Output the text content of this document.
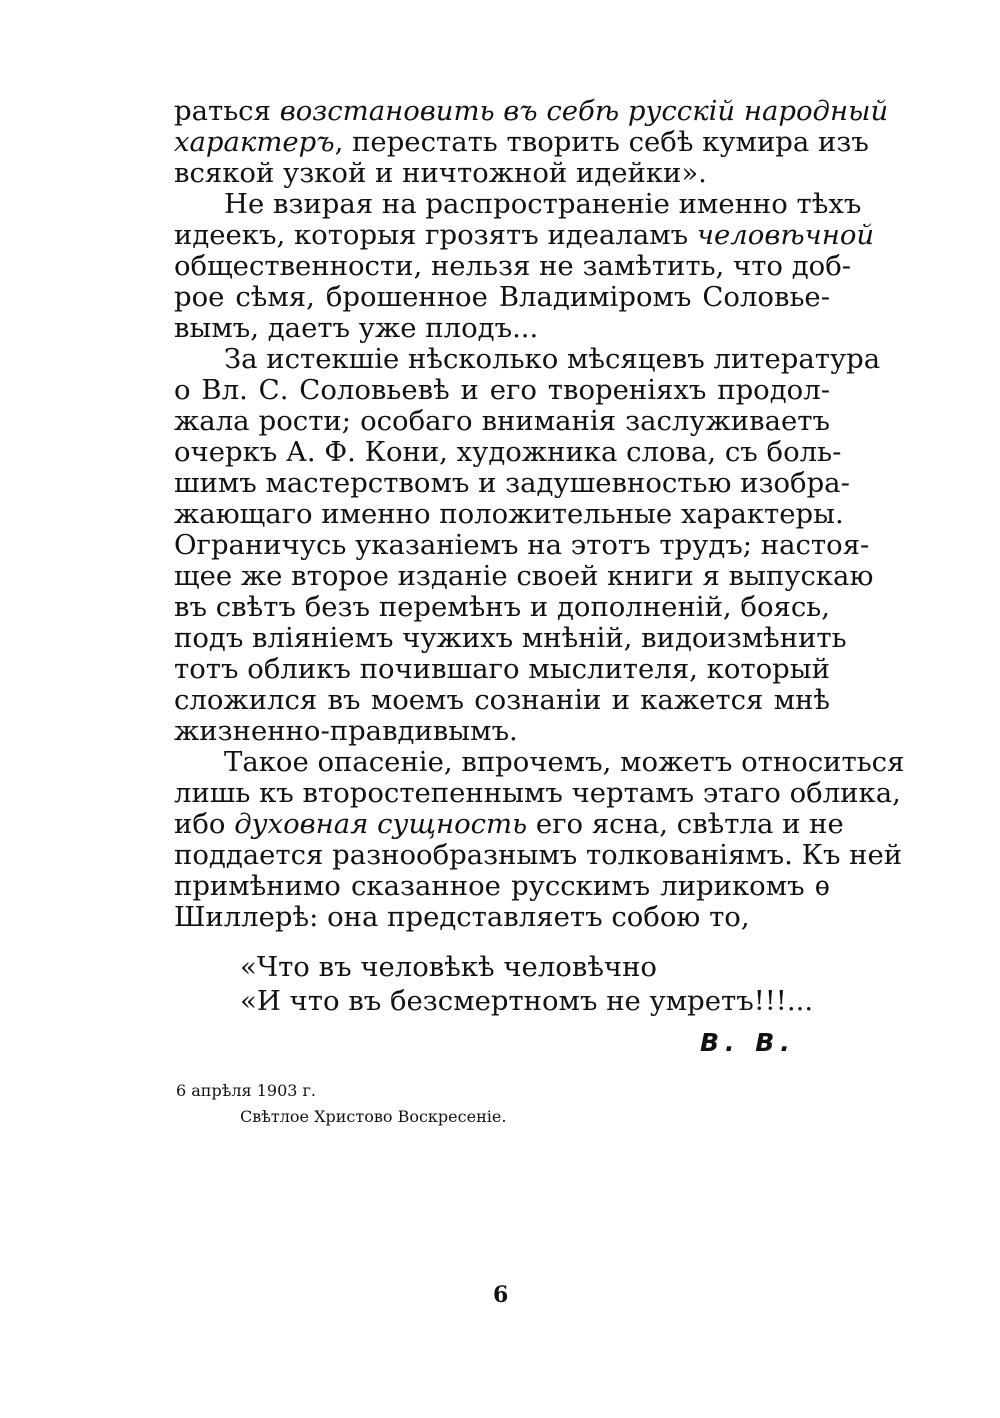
раться возстановить въ себѣ русскій народный
характеръ, перестать творить себѣ кумира изъ
всякой узкой и ничтожной идейки».
Не взирая на распространеніе именно тѣхъ
идеекъ, которыя грозятъ идеаламъ человѣчной
общественности, нельзя не замѣтить, что доб-
рое сѣмя, брошенное Владиміромъ Соловье-
вымъ, даетъ уже плодъ...
За истекшіе нѣсколько мѣсяцевъ литература
о Вл. С. Соловьевѣ и его твореніяхъ продол-
жала рости; особаго вниманія заслуживаетъ
очеркъ А. Ф. Кони, художника слова, съ боль-
шимъ мастерствомъ и задушевностью изобра-
жающаго именно положительные характеры.
Ограничусь указаніемъ на этотъ трудъ; настоя-
щее же второе изданіе своей книги я выпускаю
въ свѣтъ безъ перемѣнъ и дополненій, боясь,
подъ вліяніемъ чужихъ мнѣній, видоизмѣнить
тотъ обликъ почившаго мыслителя, который
сложился въ моемъ сознаніи и кажется мнѣ
жизненно-правдивымъ.
Такое опасеніе, впрочемъ, можетъ относиться
лишь къ второстепеннымъ чертамъ этаго облика,
ибо духовная сущность его ясна, свѣтла и не
поддается разнообразнымъ толкованіямъ. Къ ней
примѣнимо сказанное русскимъ лирикомъ ѳ
Шиллерѣ: она представляетъ собою то,
«Что въ человѣкѣ человѣчно
«И что въ безсмертномъ не умретъ!!!...
В. В.
6 апрѣля 1903 г.
Свѣтлое Христово Воскресеніе.
6
